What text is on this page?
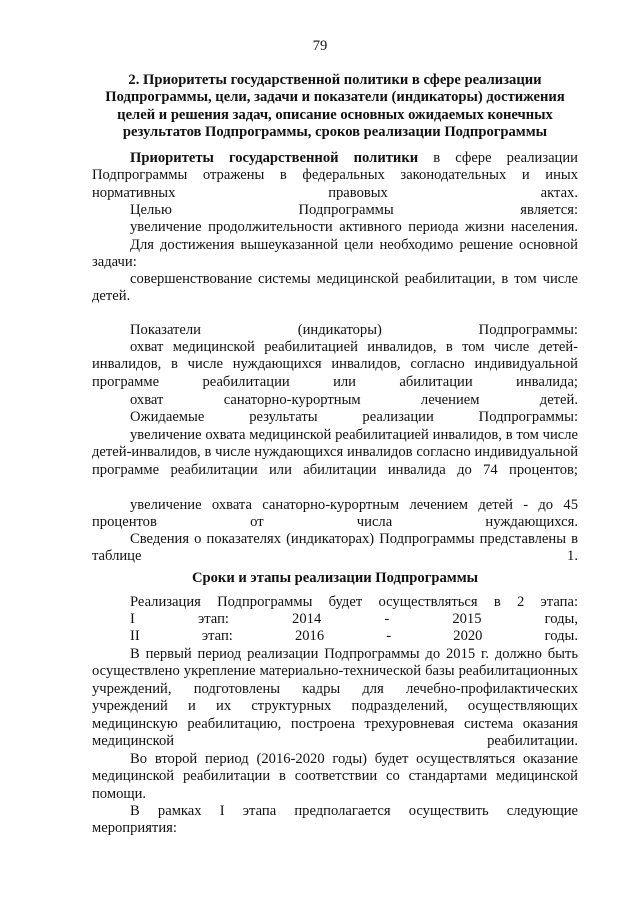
79

2. Приоритеты государственной политики в сфере реализации Подпрограммы, цели, задачи и показатели (индикаторы) достижения целей и решения задач, описание основных ожидаемых конечных результатов Подпрограммы, сроков реализации Подпрограммы

Приоритеты государственной политики в сфере реализации Подпрограммы отражены в федеральных законодательных и иных нормативных правовых актах.

Целью Подпрограммы является:

увеличение продолжительности активного периода жизни населения.

Для достижения вышеуказанной цели необходимо решение основной задачи:

совершенствование системы медицинской реабилитации, в том числе детей.

Показатели (индикаторы) Подпрограммы:

охват медицинской реабилитацией инвалидов, в том числе детей-инвалидов, в числе нуждающихся инвалидов, согласно индивидуальной программе реабилитации или абилитации инвалида;

охват санаторно-курортным лечением детей.

Ожидаемые результаты реализации Подпрограммы:

увеличение охвата медицинской реабилитацией инвалидов, в том числе детей-инвалидов, в числе нуждающихся инвалидов согласно индивидуальной программе реабилитации или абилитации инвалида до 74 процентов;

увеличение охвата санаторно-курортным лечением детей - до 45 процентов от числа нуждающихся.

Сведения о показателях (индикаторах) Подпрограммы представлены в таблице 1.

Сроки и этапы реализации Подпрограммы

Реализация Подпрограммы будет осуществляться в 2 этапа:

I этап: 2014 - 2015 годы,

II этап: 2016 - 2020 годы.

В первый период реализации Подпрограммы до 2015 г. должно быть осуществлено укрепление материально-технической базы реабилитационных учреждений, подготовлены кадры для лечебно-профилактических учреждений и их структурных подразделений, осуществляющих медицинскую реабилитацию, построена трехуровневая система оказания медицинской реабилитации.

Во второй период (2016-2020 годы) будет осуществляться оказание медицинской реабилитации в соответствии со стандартами медицинской помощи.

В рамках I этапа предполагается осуществить следующие мероприятия:
